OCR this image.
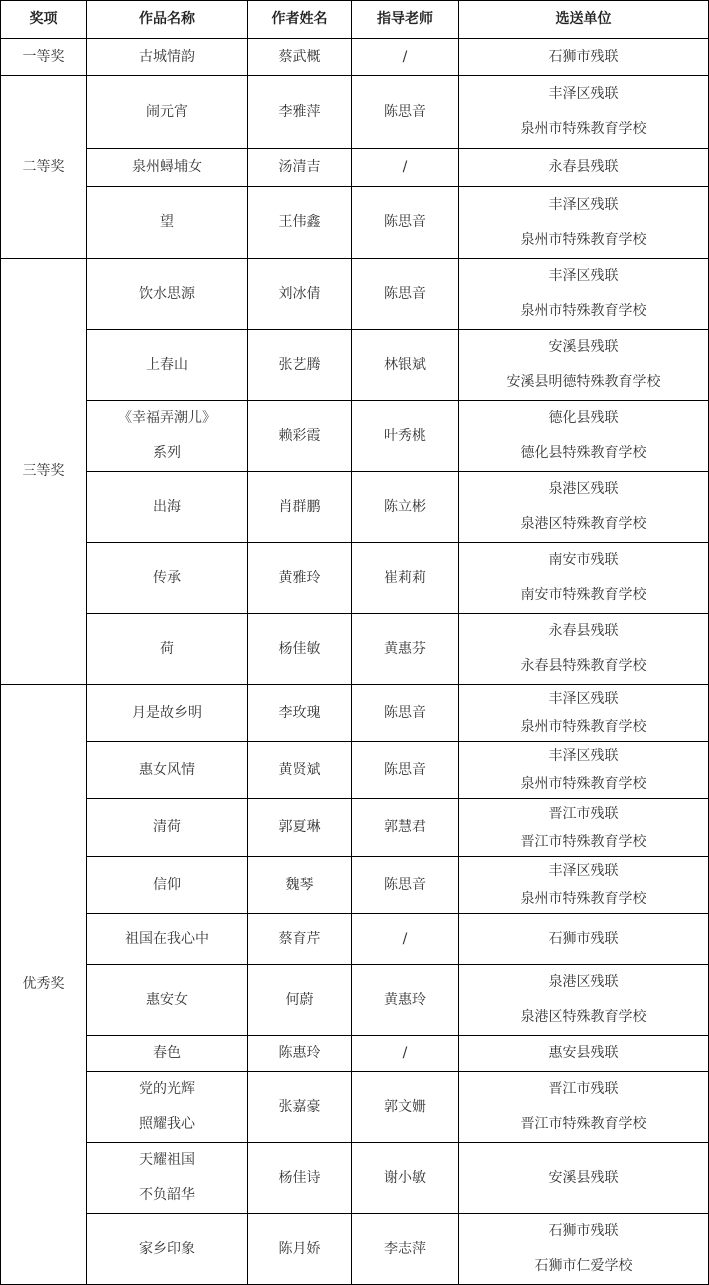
奖项	作品名称	作者姓名	指导老师	选送单位
一等奖	古城情韵	蔡武概	/	石狮市残联
二等奖	闹元宵	李雅萍	陈思音	丰泽区残联
泉州市特殊教育学校

	泉州蟳埔女	汤清吉	/	永春县残联
	望	王伟鑫	陈思音	丰泽区残联
泉州市特殊教育学校

三等奖	饮水思源	刘冰倩	陈思音	丰泽区残联
泉州市特殊教育学校

	上春山	张艺腾	林银斌	安溪县残联
安溪县明德特殊教育学校

	《幸福弄潮儿》
系列	赖彩霞	叶秀桃	德化县残联
德化县特殊教育学校

	出海	肖群鹏	陈立彬	泉港区残联
泉港区特殊教育学校

	传承	黄雅玲	崔莉莉	南安市残联
南安市特殊教育学校

	荷	杨佳敏	黄惠芬	永春县残联
永春县特殊教育学校

优秀奖	月是故乡明	李玫瑰	陈思音	丰泽区残联
泉州市特殊教育学校

	惠女风情	黄贤斌	陈思音	丰泽区残联
泉州市特殊教育学校

	清荷	郭夏琳	郭慧君	晋江市残联
晋江市特殊教育学校

	信仰	魏琴	陈思音	丰泽区残联
泉州市特殊教育学校

	祖国在我心中	蔡育芹	/	石狮市残联
	惠安女	何蔚	黄惠玲	泉港区残联
泉港区特殊教育学校

	春色	陈惠玲	/	惠安县残联

	党的光辉
照耀我心	张嘉豪	郭文姗	晋江市残联
晋江市特殊教育学校

	天耀祖国
不负韶华	杨佳诗	谢小敏	安溪县残联
	家乡印象	陈月娇	李志萍	石狮市残联
石狮市仁爱学校
